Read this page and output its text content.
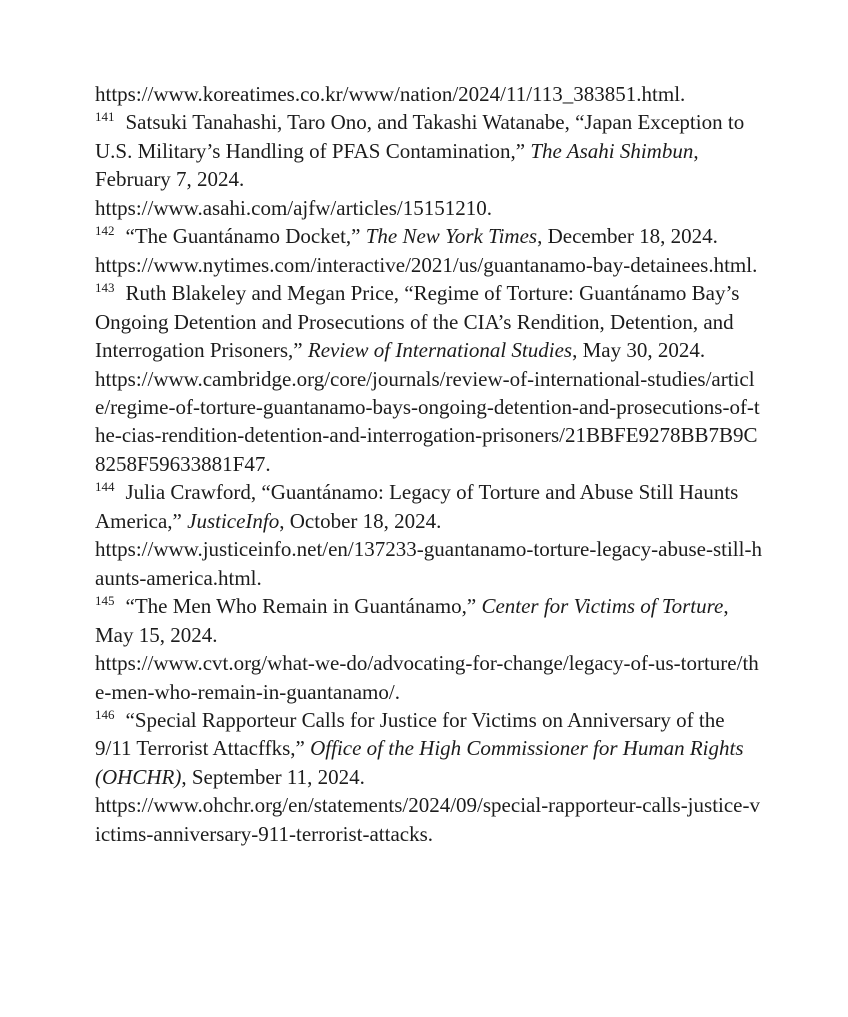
https://www.koreatimes.co.kr/www/nation/2024/11/113_383851.html.

$^{141}$ Satsuki Tanahashi, Taro Ono, and Takashi Watanabe, “Japan Exception to U.S. Military’s Handling of PFAS Contamination,” The Asahi Shimbun, February 7, 2024.
https://www.asahi.com/ajfw/articles/15151210.

$^{142}$ “The Guantánamo Docket,” The New York Times, December 18, 2024.
https://www.nytimes.com/interactive/2021/us/guantanamo-bay-detainees.html.

$^{143}$ Ruth Blakeley and Megan Price, “Regime of Torture: Guantánamo Bay’s Ongoing Detention and Prosecutions of the CIA’s Rendition, Detention, and Interrogation Prisoners,” Review of International Studies, May 30, 2024.
https://www.cambridge.org/core/journals/review-of-international-studies/article/regime-of-torture-guantanamo-bays-ongoing-detention-and-prosecutions-of-the-cias-rendition-detention-and-interrogation-prisoners/21BBFE9278BB7B9C8258F59633881F47.

$^{144}$ Julia Crawford, “Guantánamo: Legacy of Torture and Abuse Still Haunts America,” JusticeInfo, October 18, 2024.
https://www.justiceinfo.net/en/137233-guantanamo-torture-legacy-abuse-still-haunts-america.html.

$^{145}$ “The Men Who Remain in Guantánamo,” Center for Victims of Torture, May 15, 2024.
https://www.cvt.org/what-we-do/advocating-for-change/legacy-of-us-torture/the-men-who-remain-in-guantanamo/.

$^{146}$ “Special Rapporteur Calls for Justice for Victims on Anniversary of the 9/11 Terrorist Attacffks,” Office of the High Commissioner for Human Rights (OHCHR), September 11, 2024.
https://www.ohchr.org/en/statements/2024/09/special-rapporteur-calls-justice-victims-anniversary-911-terrorist-attacks.
